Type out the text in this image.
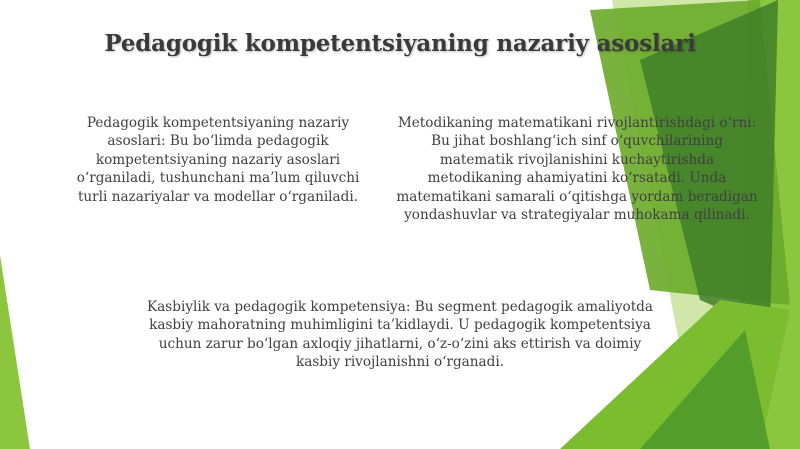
Pedagogik kompetentsiyaning nazariy asoslari
Pedagogik kompetentsiyaning nazariy asoslari: Bu bo‘limda pedagogik kompetentsiyaning nazariy asoslari o‘rganiladi, tushunchani ma’lum qiluvchi turli nazariyalar va modellar o‘rganiladi.
Metodikaning matematikani rivojlantirishdagi o‘rni: Bu jihat boshlang‘ich sinf o‘quvchilarining matematik rivojlanishini kuchaytirishda metodikaning ahamiyatini ko‘rsatadi. Unda matematikani samarali o‘qitishga yordam beradigan yondashuvlar va strategiyalar muhokama qilinadi.
Kasbiylik va pedagogik kompetensiya: Bu segment pedagogik amaliyotda kasbiy mahoratning muhimligini ta’kidlaydi. U pedagogik kompetentsiya uchun zarur bo‘lgan axloqiy jihatlarni, o‘z-o‘zini aks ettirish va doimiy kasbiy rivojlanishni o‘rganadi.
